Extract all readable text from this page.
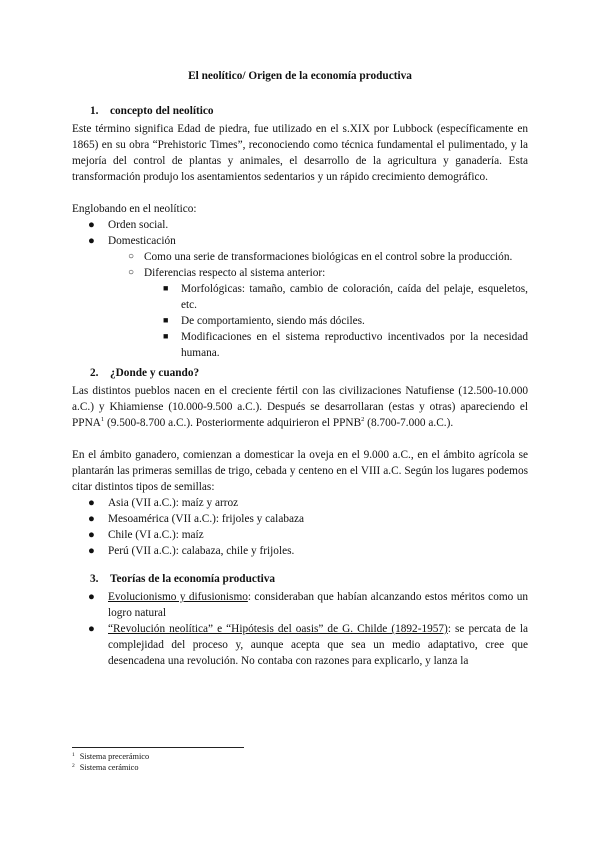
El neolítico/ Origen de la economía productiva
1. concepto del neolítico

Este término significa Edad de piedra, fue utilizado en el s.XIX por Lubbock (específicamente en 1865) en su obra “Prehistoric Times”, reconociendo como técnica fundamental el pulimentado, y la mejoría del control de plantas y animales, el desarrollo de la agricultura y ganadería. Esta transformación produjo los asentamientos sedentarios y un rápido crecimiento demográfico.

Englobando en el neolítico:

● Orden social.
● Domesticación
○ Como una serie de transformaciones biológicas en el control sobre la producción.
○ Diferencias respecto al sistema anterior:
■ Morfológicas: tamaño, cambio de coloración, caída del pelaje, esqueletos, etc.
■ De comportamiento, siendo más dóciles.
■ Modificaciones en el sistema reproductivo incentivados por la necesidad humana.
2. ¿Donde y cuando?

Las distintos pueblos nacen en el creciente fértil con las civilizaciones Natufiense (12.500-10.000 a.C.) y Khiamiense (10.000-9.500 a.C.). Después se desarrollaran (estas y otras) apareciendo el PPNA$^1$ (9.500-8.700 a.C.). Posteriormente adquirieron el PPNB$^2$ (8.700-7.000 a.C.).

En el ámbito ganadero, comienzan a domesticar la oveja en el 9.000 a.C., en el ámbito agrícola se plantarán las primeras semillas de trigo, cebada y centeno en el VIII a.C. Según los lugares podemos citar distintos tipos de semillas:

● Asia (VII a.C.): maíz y arroz
● Mesoamérica (VII a.C.): frijoles y calabaza
● Chile (VI a.C.): maíz
● Perú (VII a.C.): calabaza, chile y frijoles.
3. Teorías de la economía productiva
● Evolucionismo y difusionismo: consideraban que habían alcanzando estos méritos como un logro natural
● “Revolución neolítica” e “Hipótesis del oasis” de G. Childe (1892-1957): se percata de la complejidad del proceso y, aunque acepta que sea un medio adaptativo, cree que desencadena una revolución. No contaba con razones para explicarlo, y lanza la
$^1$ Sistema precerámico
$^2$ Sistema cerámico
